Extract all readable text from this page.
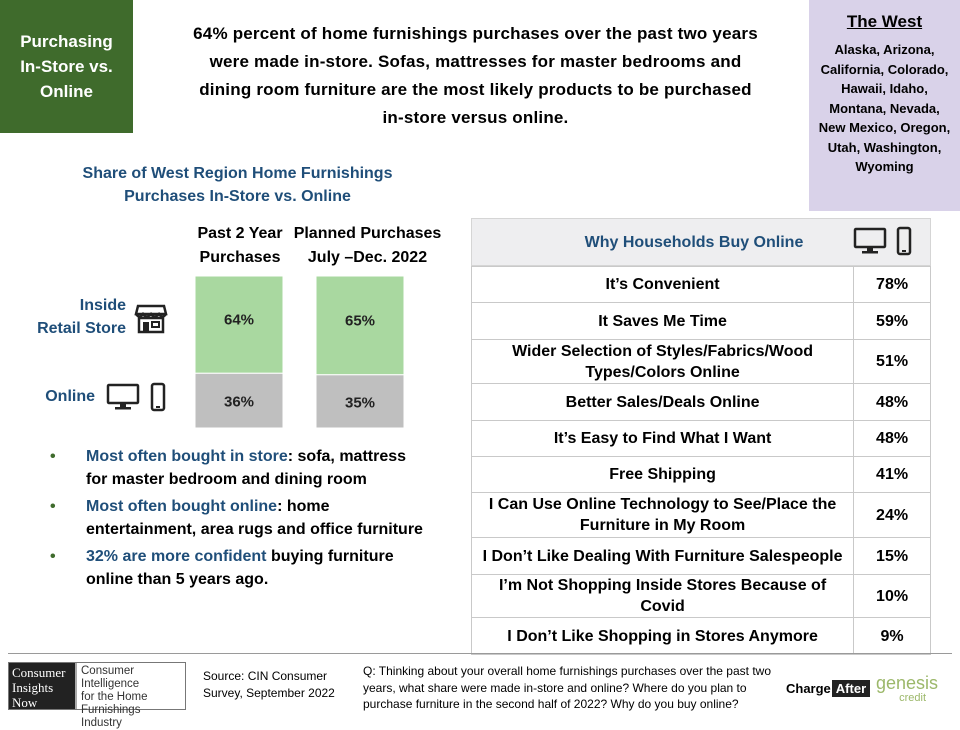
Purchasing
In-Store vs.
Online
64% percent of home furnishings purchases over the past two years were made in-store. Sofas, mattresses for master bedrooms and dining room furniture are the most likely products to be purchased in-store versus online.
The West
Alaska, Arizona, California, Colorado, Hawaii, Idaho, Montana, Nevada, New Mexico, Oregon, Utah, Washington, Wyoming
Share of West Region Home Furnishings Purchases In-Store vs. Online
Past 2 Year
Purchases
Planned Purchases
July –Dec. 2022
Inside
Retail Store
Online
64%
36%
65%
35%
• Most often bought in store: sofa, mattress for master bedroom and dining room
• Most often bought online: home entertainment, area rugs and office furniture
• 32% are more confident buying furniture online than 5 years ago.
Why Households Buy Online
It’s Convenient	78%
It Saves Me Time	59%
Wider Selection of Styles/Fabrics/Wood Types/Colors Online	51%
Better Sales/Deals Online	48%
It’s Easy to Find What I Want	48%
Free Shipping	41%
I Can Use Online Technology to See/Place the Furniture in My Room	24%
I Don’t Like Dealing With Furniture Salespeople	15%
I’m Not Shopping Inside Stores Because of Covid	10%
I Don’t Like Shopping in Stores Anymore	9%
Consumer
Insights
Now
Consumer Intelligence
for the Home
Furnishings Industry
Source: CIN Consumer
Survey, September 2022
Q: Thinking about your overall home furnishings purchases over the past two years, what share were made in-store and online? Where do you plan to purchase furniture in the second half of 2022? Why do you buy online?
Charge After genesis
credit
